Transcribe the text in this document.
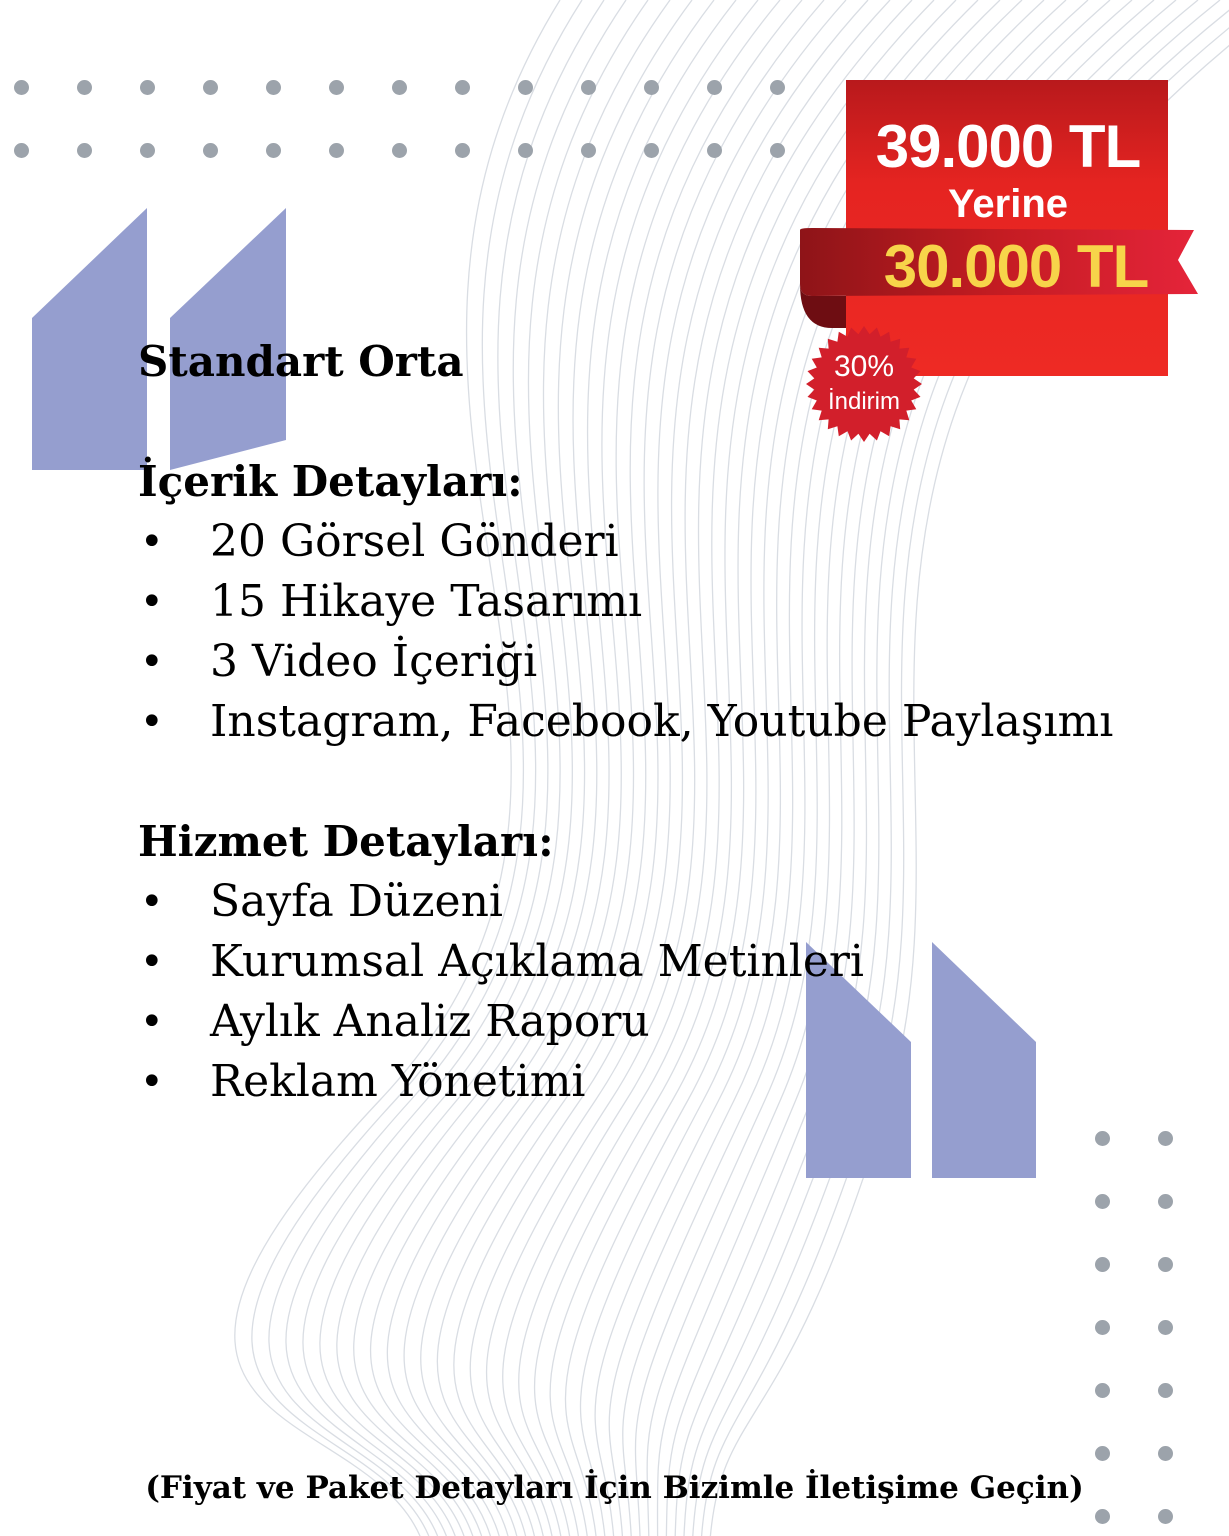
39.000 TL
Yerine
30.000 TL
30%
İndirim
Standart Orta
İçerik Detayları:
• 20 Görsel Gönderi
• 15 Hikaye Tasarımı
• 3 Video İçeriği
• Instagram, Facebook, Youtube Paylaşımı
Hizmet Detayları:
• Sayfa Düzeni
• Kurumsal Açıklama Metinleri
• Aylık Analiz Raporu
• Reklam Yönetimi
(Fiyat ve Paket Detayları İçin Bizimle İletişime Geçin)
